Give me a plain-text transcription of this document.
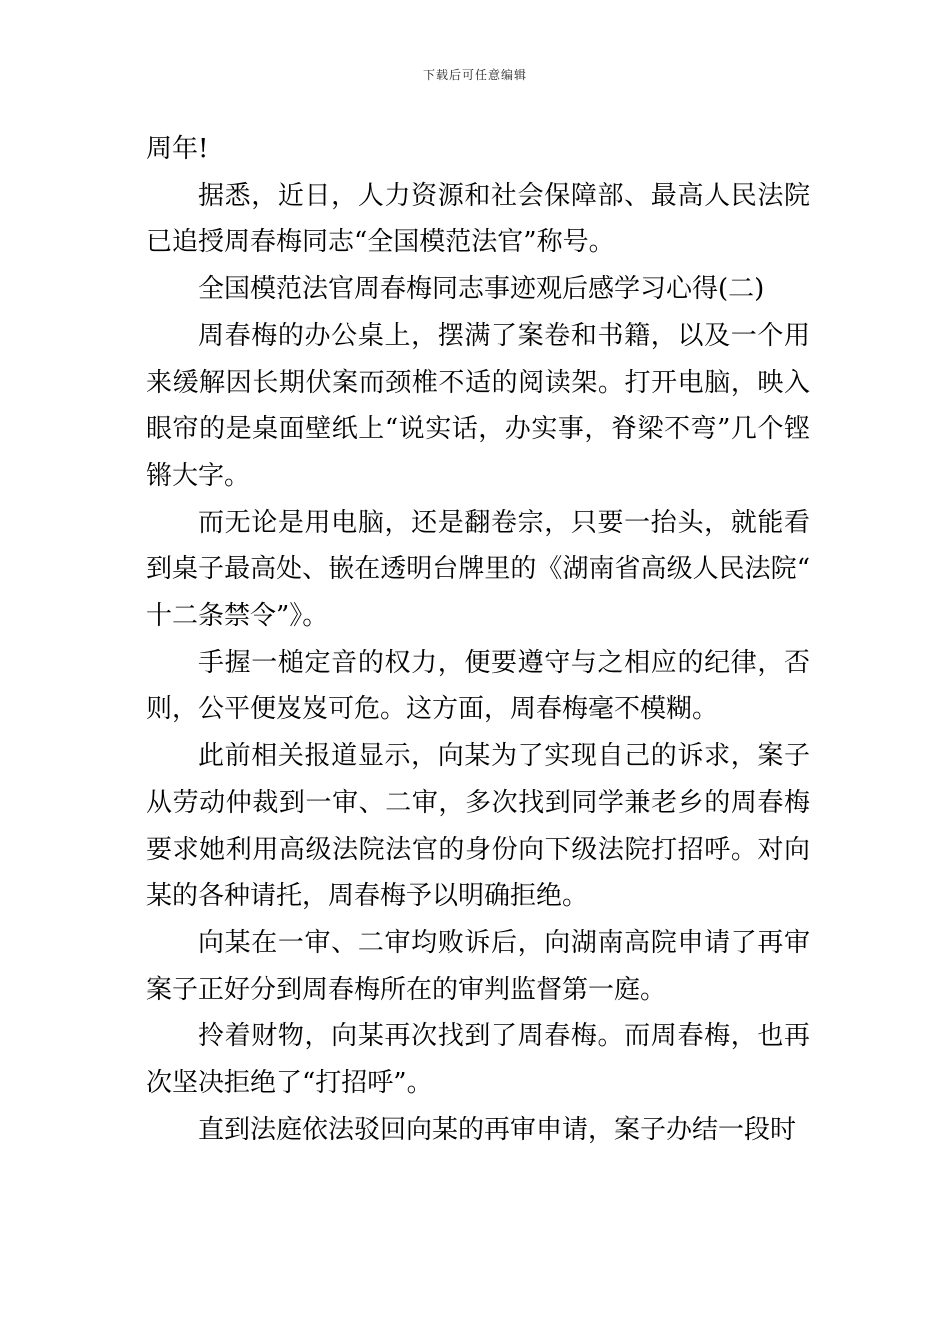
下载后可任意编辑

周年!

据悉，近日，人力资源和社会保障部、最高人民法院已追授周春梅同志“全国模范法官”称号。

全国模范法官周春梅同志事迹观后感学习心得(二)

周春梅的办公桌上，摆满了案卷和书籍，以及一个用来缓解因长期伏案而颈椎不适的阅读架。打开电脑，映入眼帘的是桌面壁纸上“说实话，办实事，脊梁不弯”几个铿锵大字。

而无论是用电脑，还是翻卷宗，只要一抬头，就能看到桌子最高处、嵌在透明台牌里的《湖南省高级人民法院“十二条禁令”》。

手握一槌定音的权力，便要遵守与之相应的纪律，否则，公平便岌岌可危。这方面，周春梅毫不模糊。

此前相关报道显示，向某为了实现自己的诉求，案子从劳动仲裁到一审、二审，多次找到同学兼老乡的周春梅要求她利用高级法院法官的身份向下级法院打招呼。对向某的各种请托，周春梅予以明确拒绝。

向某在一审、二审均败诉后，向湖南高院申请了再审案子正好分到周春梅所在的审判监督第一庭。

拎着财物，向某再次找到了周春梅。而周春梅，也再次坚决拒绝了“打招呼”。

直到法庭依法驳回向某的再审申请，案子办结一段时
